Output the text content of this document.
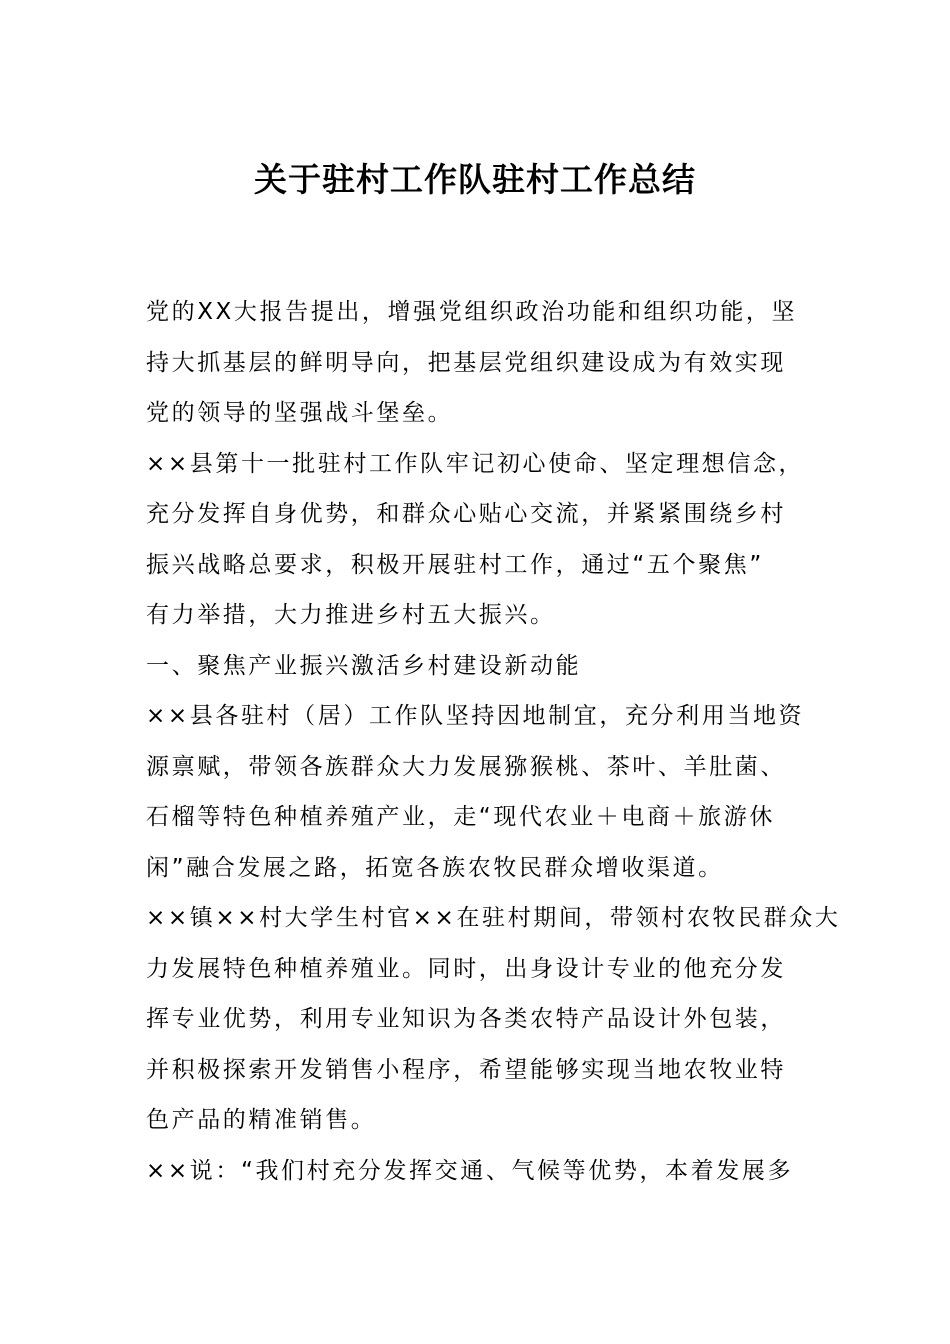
关于驻村工作队驻村工作总结

党的XX大报告提出，增强党组织政治功能和组织功能，坚
持大抓基层的鲜明导向，把基层党组织建设成为有效实现
党的领导的坚强战斗堡垒。

××县第十一批驻村工作队牢记初心使命、坚定理想信念，
充分发挥自身优势，和群众心贴心交流，并紧紧围绕乡村
振兴战略总要求，积极开展驻村工作，通过“五个聚焦”
有力举措，大力推进乡村五大振兴。

一、聚焦产业振兴激活乡村建设新动能

××县各驻村（居）工作队坚持因地制宜，充分利用当地资
源禀赋，带领各族群众大力发展猕猴桃、茶叶、羊肚菌、
石榴等特色种植养殖产业，走“现代农业＋电商＋旅游休
闲”融合发展之路，拓宽各族农牧民群众增收渠道。

××镇××村大学生村官××在驻村期间，带领村农牧民群众大
力发展特色种植养殖业。同时，出身设计专业的他充分发
挥专业优势，利用专业知识为各类农特产品设计外包装，
并积极探索开发销售小程序，希望能够实现当地农牧业特
色产品的精准销售。

××说：“我们村充分发挥交通、气候等优势，本着发展多
